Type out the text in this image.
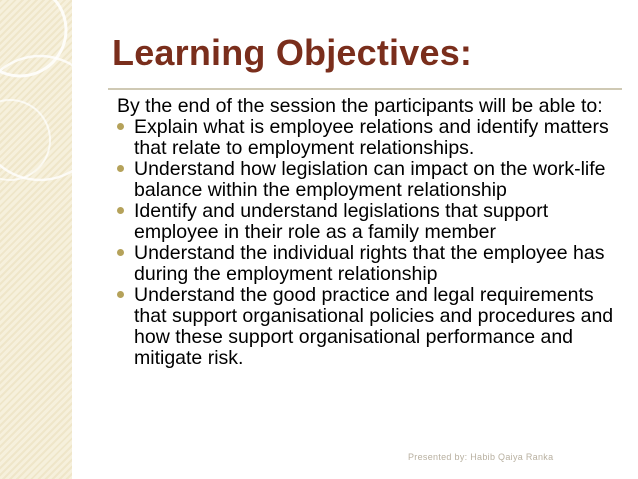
Learning Objectives:

By the end of the session the participants will be able to:

Explain what is employee relations and identify matters that relate to employment relationships.
Understand how legislation can impact on the work-life balance within the employment relationship
Identify and understand legislations that support employee in their role as a family member
Understand the individual rights that the employee has during the employment relationship
Understand the good practice and legal requirements that support organisational policies and procedures and how these support organisational performance and mitigate risk.
Presented by: Habib Qaiya Ranka
